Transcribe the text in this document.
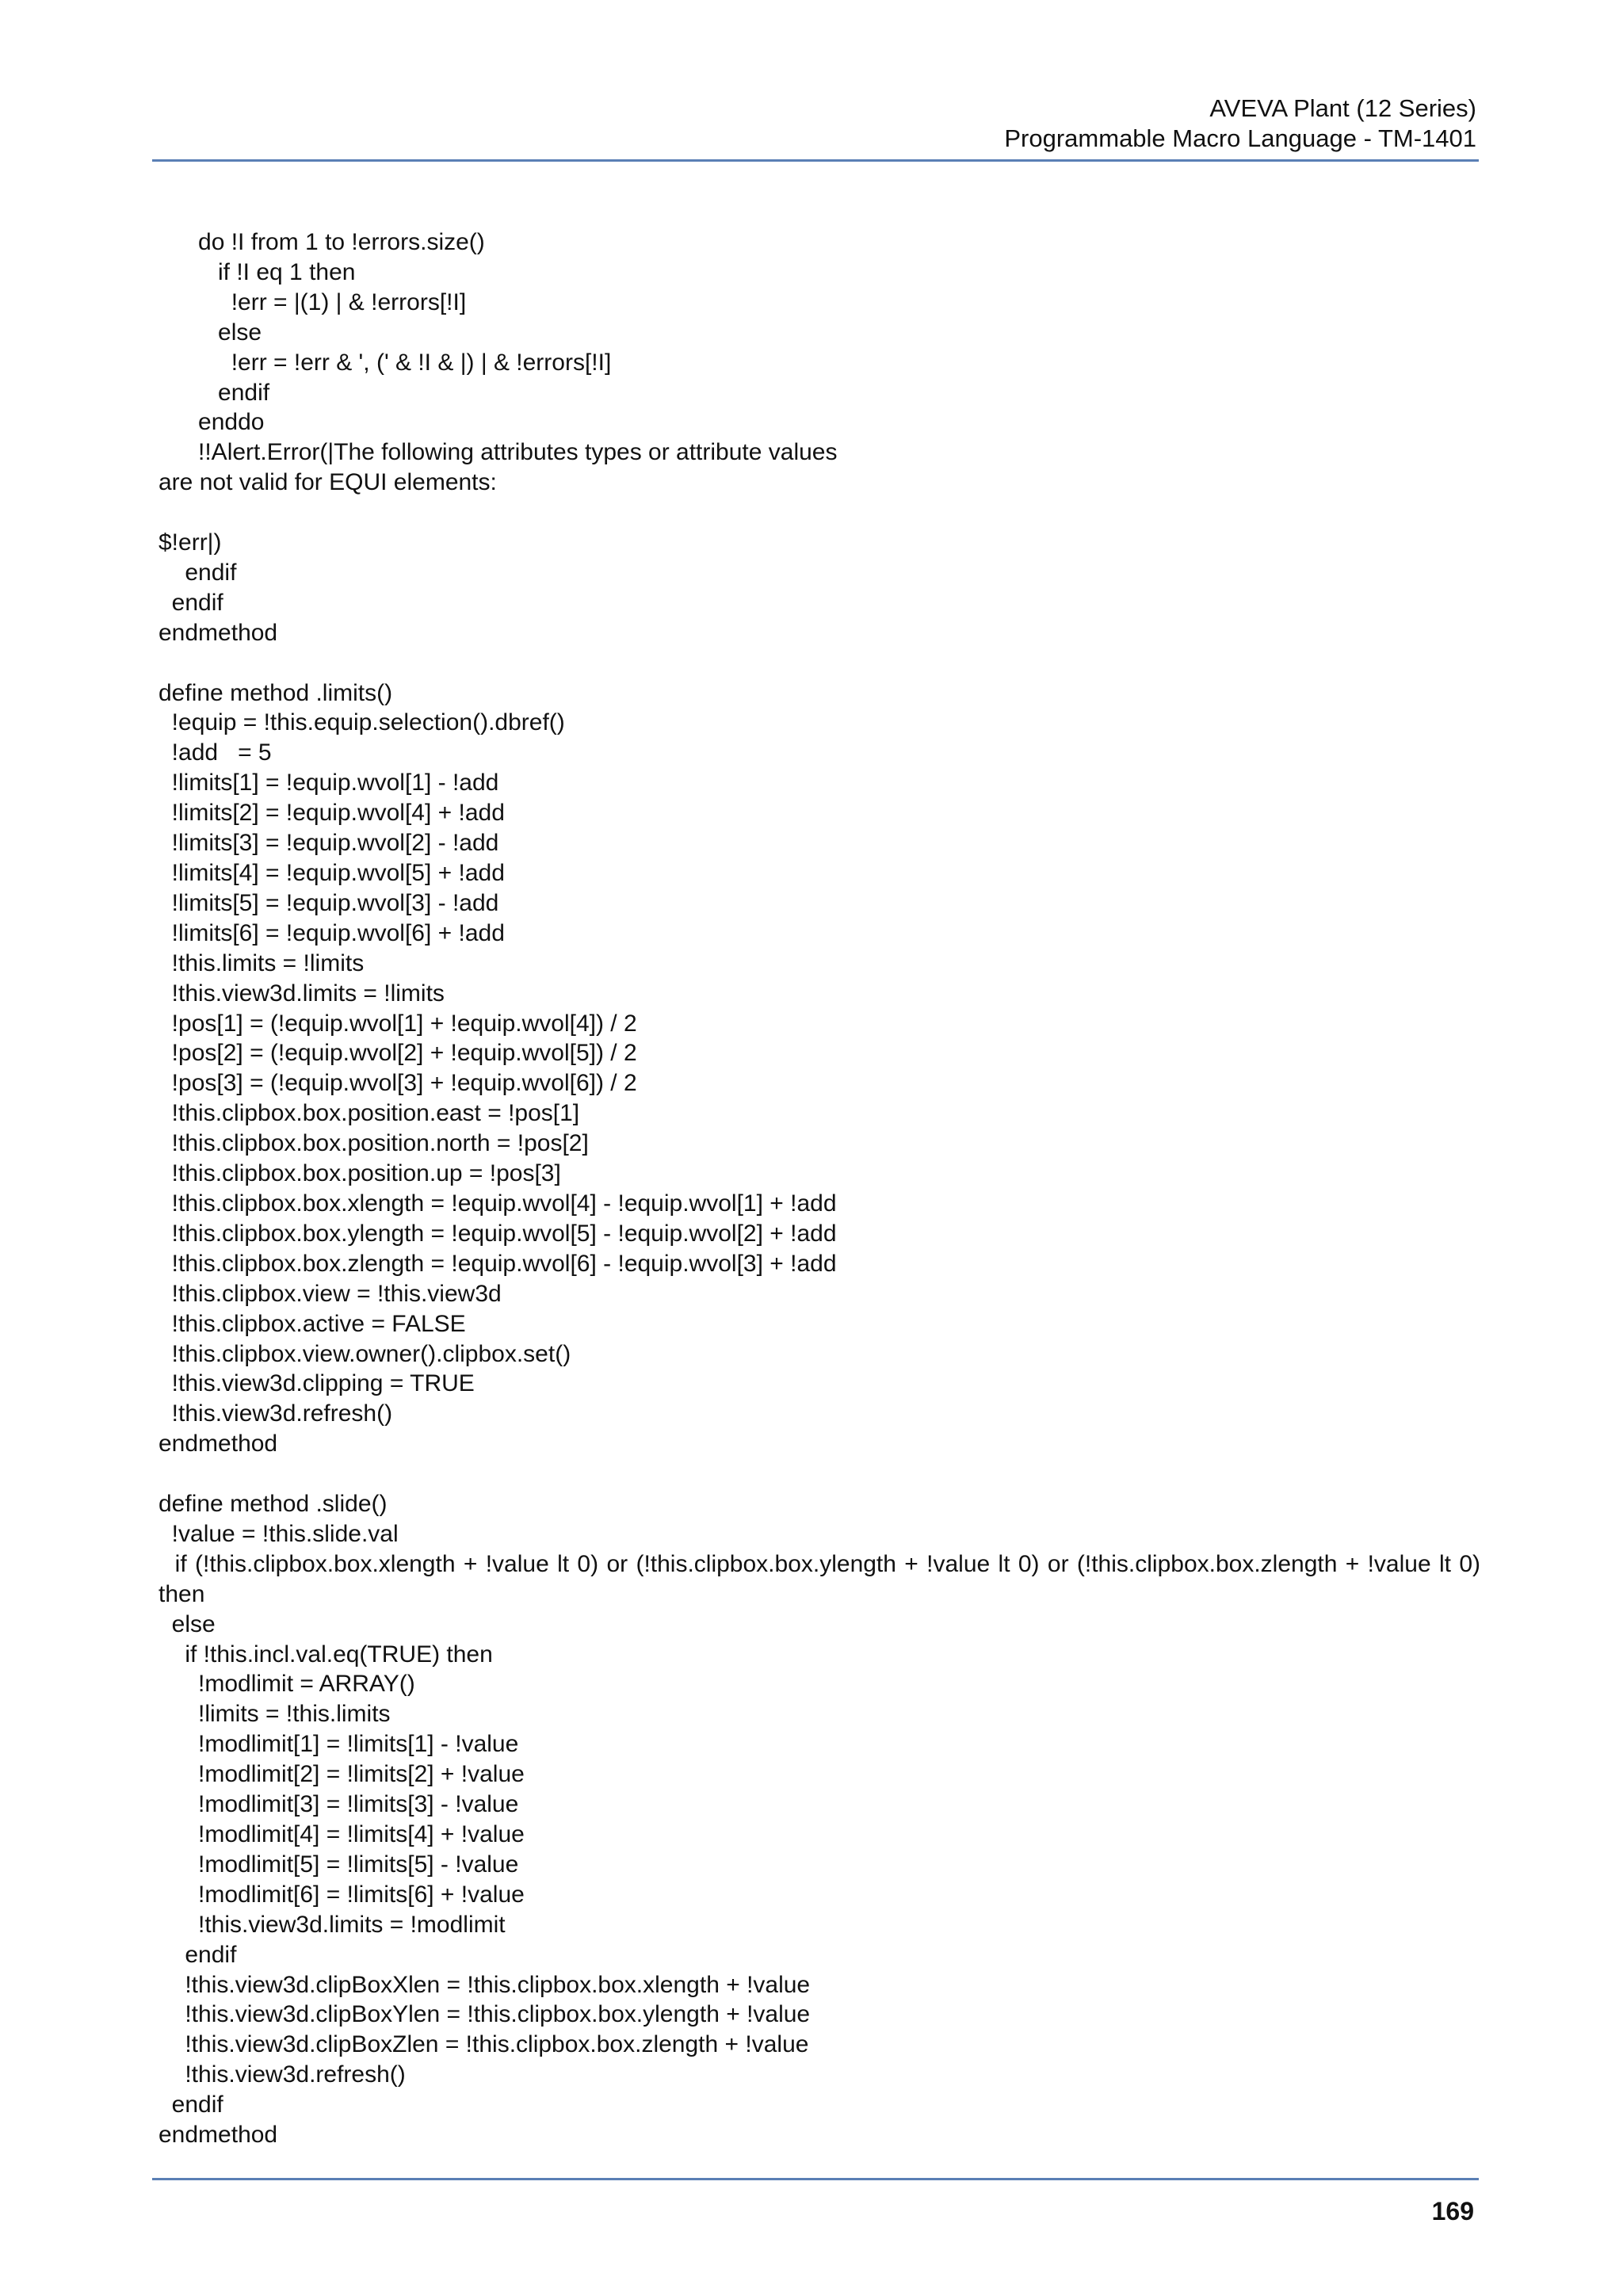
AVEVA Plant (12 Series)
Programmable Macro Language - TM-1401
do !I from 1 to !errors.size()
if !I eq 1 then
!err = |(1) | & !errors[!I]
else
!err = !err & ', (' & !I & |) | & !errors[!I]
endif
enddo
!!Alert.Error(|The following attributes types or attribute values
are not valid for EQUI elements:
$!err|)
endif
endif
endmethod
define method .limits()
!equip = !this.equip.selection().dbref()
!add   = 5
!limits[1] = !equip.wvol[1] - !add
!limits[2] = !equip.wvol[4] + !add
!limits[3] = !equip.wvol[2] - !add
!limits[4] = !equip.wvol[5] + !add
!limits[5] = !equip.wvol[3] - !add
!limits[6] = !equip.wvol[6] + !add
!this.limits = !limits
!this.view3d.limits = !limits
!pos[1] = (!equip.wvol[1] + !equip.wvol[4]) / 2
!pos[2] = (!equip.wvol[2] + !equip.wvol[5]) / 2
!pos[3] = (!equip.wvol[3] + !equip.wvol[6]) / 2
!this.clipbox.box.position.east = !pos[1]
!this.clipbox.box.position.north = !pos[2]
!this.clipbox.box.position.up = !pos[3]
!this.clipbox.box.xlength = !equip.wvol[4] - !equip.wvol[1] + !add
!this.clipbox.box.ylength = !equip.wvol[5] - !equip.wvol[2] + !add
!this.clipbox.box.zlength = !equip.wvol[6] - !equip.wvol[3] + !add
!this.clipbox.view = !this.view3d
!this.clipbox.active = FALSE
!this.clipbox.view.owner().clipbox.set()
!this.view3d.clipping = TRUE
!this.view3d.refresh()
endmethod
define method .slide()
!value = !this.slide.val
if (!this.clipbox.box.xlength + !value lt 0) or (!this.clipbox.box.ylength + !value lt 0) or (!this.clipbox.box.zlength + !value lt 0) then
else
if !this.incl.val.eq(TRUE) then
!modlimit = ARRAY()
!limits = !this.limits
!modlimit[1] = !limits[1] - !value
!modlimit[2] = !limits[2] + !value
!modlimit[3] = !limits[3] - !value
!modlimit[4] = !limits[4] + !value
!modlimit[5] = !limits[5] - !value
!modlimit[6] = !limits[6] + !value
!this.view3d.limits = !modlimit
endif
!this.view3d.clipBoxXlen = !this.clipbox.box.xlength + !value
!this.view3d.clipBoxYlen = !this.clipbox.box.ylength + !value
!this.view3d.clipBoxZlen = !this.clipbox.box.zlength + !value
!this.view3d.refresh()
endif
endmethod
169
